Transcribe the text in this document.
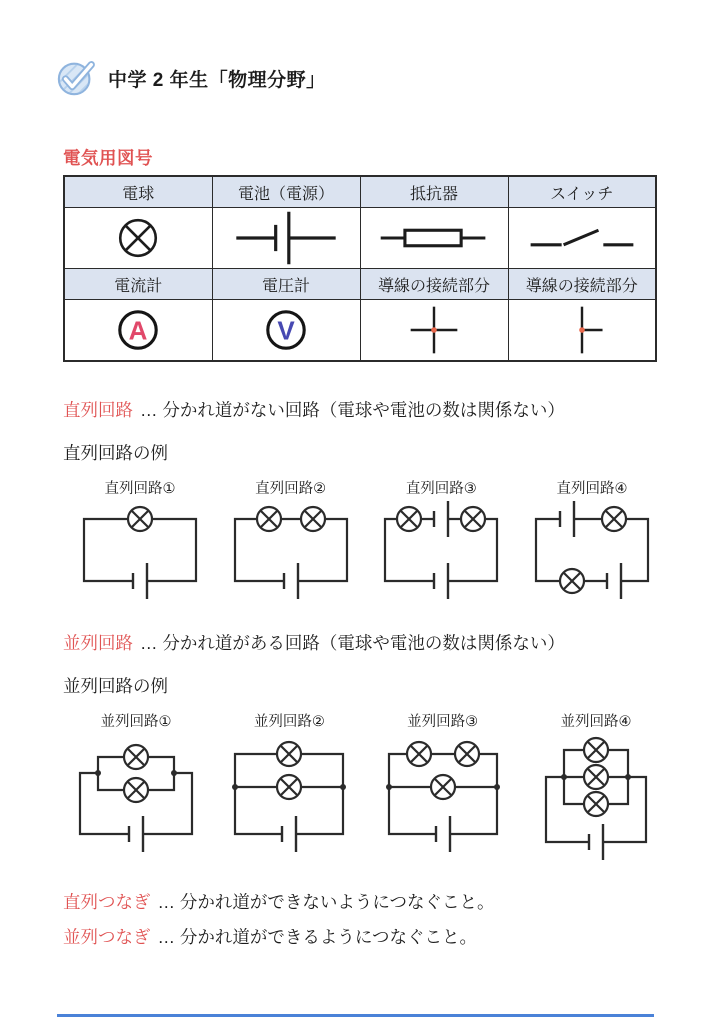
中学 2 年生「物理分野」
電気用図号
電球	電池（電源）	抵抗器	スイッチ

電流計	電圧計	導線の接続部分	導線の接続部分

A	V

直列回路 … 分かれ道がない回路（電球や電池の数は関係ない）
直列回路の例
直列回路①	直列回路②	直列回路③	直列回路④
並列回路 … 分かれ道がある回路（電球や電池の数は関係ない）
並列回路の例
並列回路①	並列回路②	並列回路③	並列回路④
直列つなぎ … 分かれ道ができないようにつなぐこと。
並列つなぎ … 分かれ道ができるようにつなぐこと。
